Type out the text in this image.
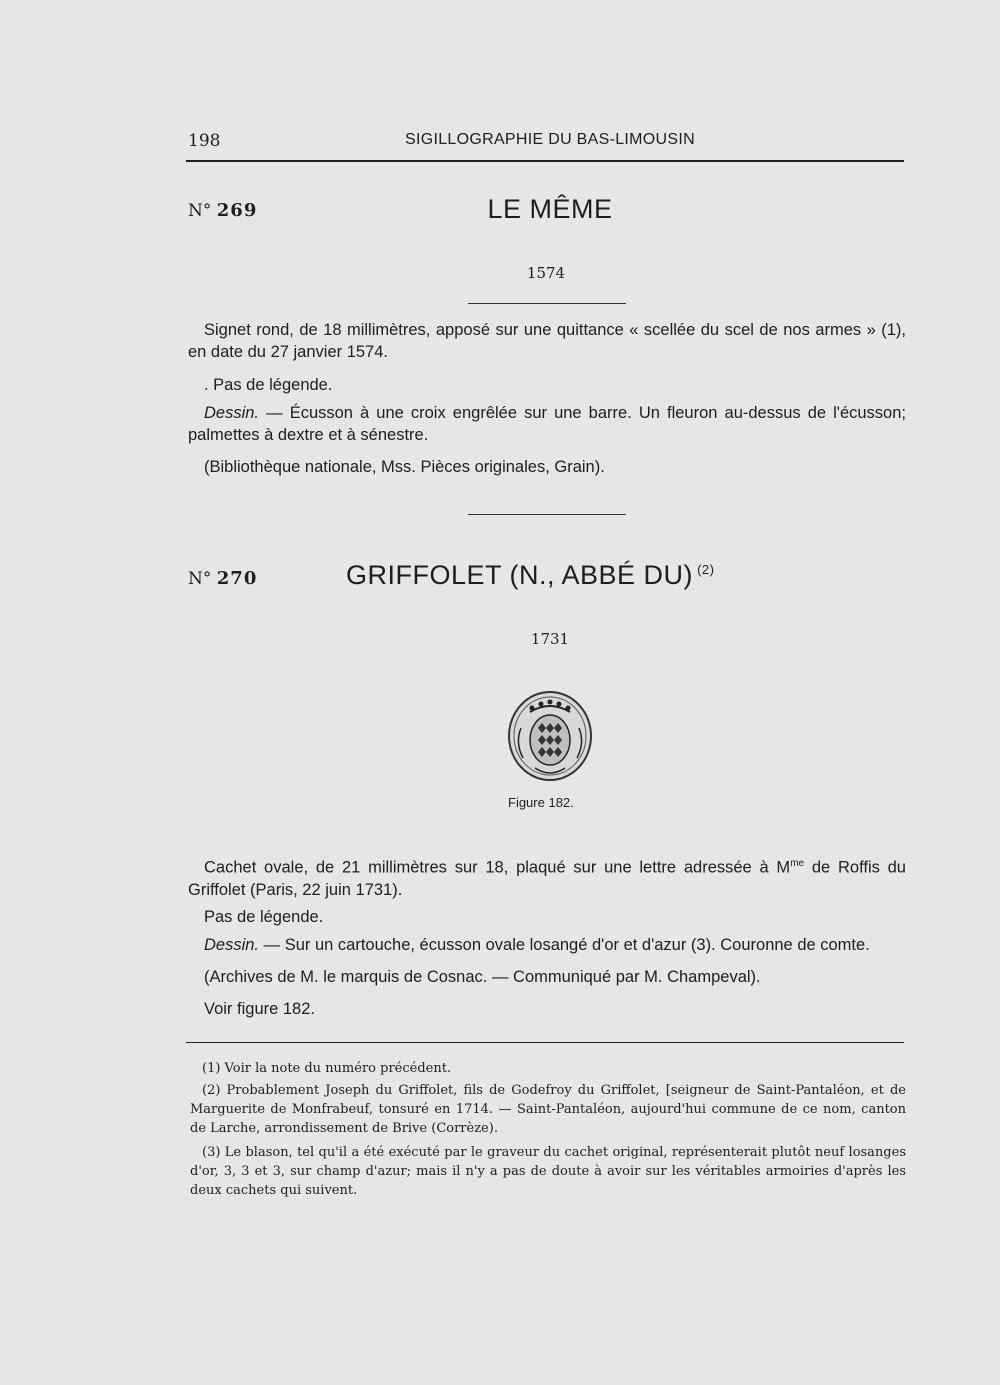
198	SIGILLOGRAPHIE DU BAS-LIMOUSIN
N° 269	LE MÊME
1574
Signet rond, de 18 millimètres, apposé sur une quittance « scellée du scel de nos armes » (1), en date du 27 janvier 1574.
. Pas de légende.
Dessin. — Écusson à une croix engrêlée sur une barre. Un fleuron au-dessus de l'écusson; palmettes à dextre et à sénestre.
(Bibliothèque nationale, Mss. Pièces originales, Grain).
N° 270	GRIFFOLET (N., ABBÉ DU) $^{(2)}$
1731
Figure 182.
Cachet ovale, de 21 millimètres sur 18, plaqué sur une lettre adressée à $M^{me}$ de Roffis du Griffolet (Paris, 22 juin 1731).
Pas de légende.
Dessin. — Sur un cartouche, écusson ovale losangé d'or et d'azur (3). Couronne de comte.
(Archives de M. le marquis de Cosnac. — Communiqué par M. Champeval).
Voir figure 182.
(1) Voir la note du numéro précédent.
(2) Probablement Joseph du Griffolet, fils de Godefroy du Griffolet, [seigneur de Saint-Pantaléon, et de Marguerite de Monfrabeuf, tonsuré en 1714. — Saint-Pantaléon, aujourd'hui commune de ce nom, canton de Larche, arrondissement de Brive (Corrèze).
(3) Le blason, tel qu'il a été exécuté par le graveur du cachet original, représenterait plutôt neuf losanges d'or, 3, 3 et 3, sur champ d'azur; mais il n'y a pas de doute à avoir sur les véritables armoiries d'après les deux cachets qui suivent.
